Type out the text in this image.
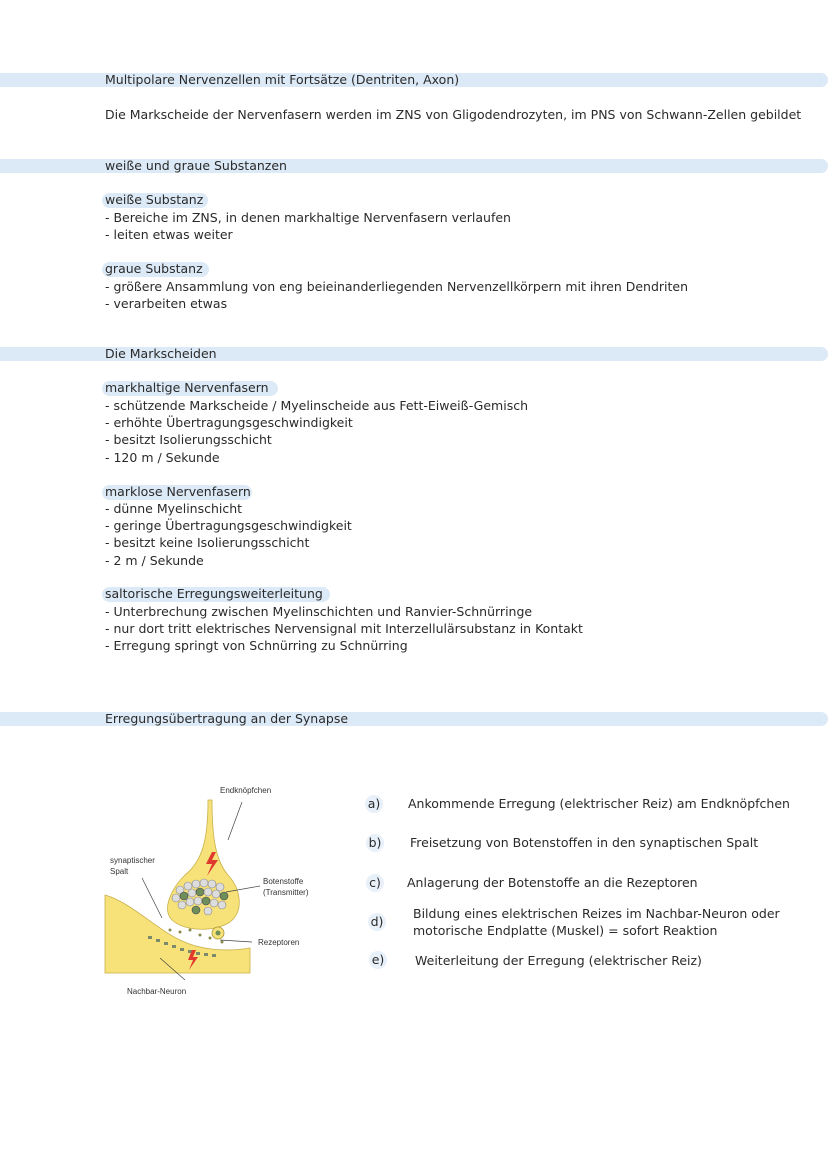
Multipolare Nervenzellen mit Fortsätze (Dentriten, Axon)
Die Markscheide der Nervenfasern werden im ZNS von Gligodendrozyten, im PNS von Schwann-Zellen gebildet
weiße und graue Substanzen
weiße Substanz
- Bereiche im ZNS, in denen markhaltige Nervenfasern verlaufen
- leiten etwas weiter
graue Substanz
- größere Ansammlung von eng beieinanderliegenden Nervenzellkörpern mit ihren Dendriten
- verarbeiten etwas
Die Markscheiden
markhaltige Nervenfasern
- schützende Markscheide / Myelinscheide aus Fett-Eiweiß-Gemisch
- erhöhte Übertragungsgeschwindigkeit
- besitzt Isolierungsschicht
- 120 m / Sekunde
marklose Nervenfasern
- dünne Myelinschicht
- geringe Übertragungsgeschwindigkeit
- besitzt keine Isolierungsschicht
- 2 m / Sekunde
saltorische Erregungsweiterleitung
- Unterbrechung zwischen Myelinschichten und Ranvier-Schnürringe
- nur dort tritt elektrisches Nervensignal mit Interzellulärsubstanz in Kontakt
- Erregung springt von Schnürring zu Schnürring
Erregungsübertragung an der Synapse
Endknöpfchen
synaptischer
Spalt
Botenstoffe
(Transmitter)
Rezeptoren
Nachbar-Neuron
a) Ankommende Erregung (elektrischer Reiz) am Endknöpfchen
b) Freisetzung von Botenstoffen in den synaptischen Spalt
c) Anlagerung der Botenstoffe an die Rezeptoren
d)
Bildung eines elektrischen Reizes im Nachbar-Neuron oder
motorische Endplatte (Muskel) = sofort Reaktion
e) Weiterleitung der Erregung (elektrischer Reiz)
